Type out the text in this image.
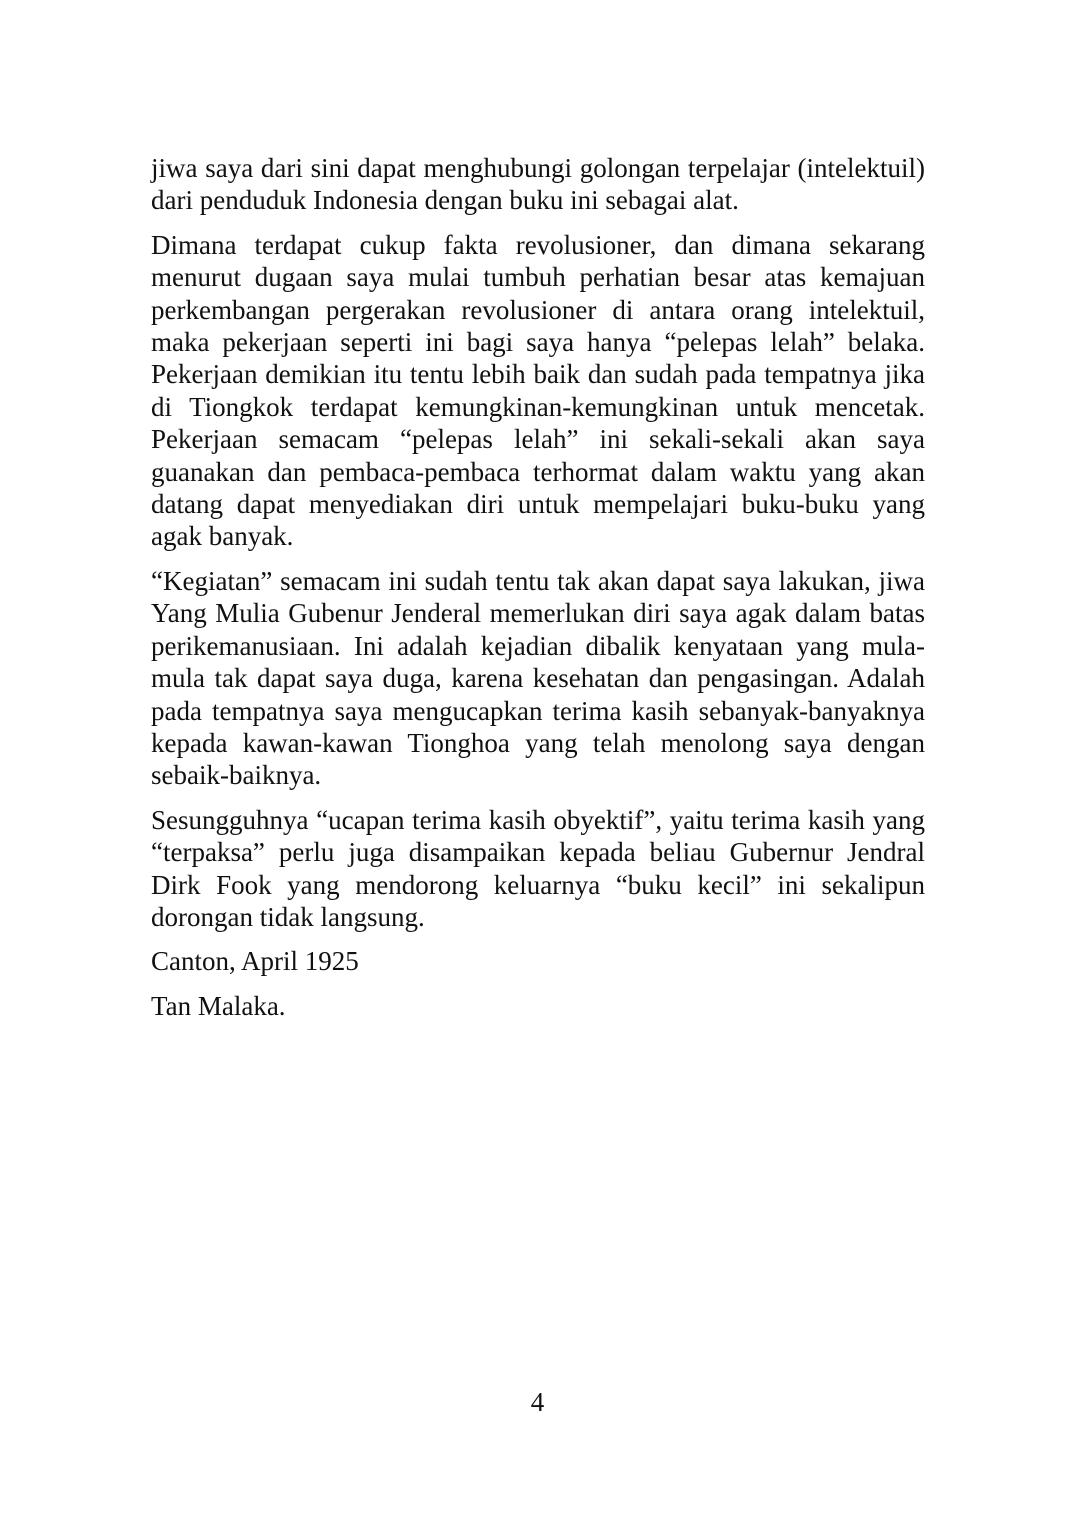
jiwa saya dari sini dapat menghubungi golongan terpelajar (intelektuil) dari penduduk Indonesia dengan buku ini sebagai alat.

Dimana terdapat cukup fakta revolusioner, dan dimana sekarang menurut dugaan saya mulai tumbuh perhatian besar atas kemajuan perkembangan pergerakan revolusioner di antara orang intelektuil, maka pekerjaan seperti ini bagi saya hanya “pelepas lelah” belaka. Pekerjaan demikian itu tentu lebih baik dan sudah pada tempatnya jika di Tiongkok terdapat kemungkinan-kemungkinan untuk mencetak. Pekerjaan semacam “pelepas lelah” ini sekali-sekali akan saya guanakan dan pembaca-pembaca terhormat dalam waktu yang akan datang dapat menyediakan diri untuk mempelajari buku-buku yang agak banyak.

“Kegiatan” semacam ini sudah tentu tak akan dapat saya lakukan, jiwa Yang Mulia Gubenur Jenderal memerlukan diri saya agak dalam batas perikemanusiaan. Ini adalah kejadian dibalik kenyataan yang mula-mula tak dapat saya duga, karena kesehatan dan pengasingan. Adalah pada tempatnya saya mengucapkan terima kasih sebanyak-banyaknya kepada kawan-kawan Tionghoa yang telah menolong saya dengan sebaik-baiknya.

Sesungguhnya “ucapan terima kasih obyektif”, yaitu terima kasih yang “terpaksa” perlu juga disampaikan kepada beliau Gubernur Jendral Dirk Fook yang mendorong keluarnya “buku kecil” ini sekalipun dorongan tidak langsung.

Canton, April 1925

Tan Malaka.

4
